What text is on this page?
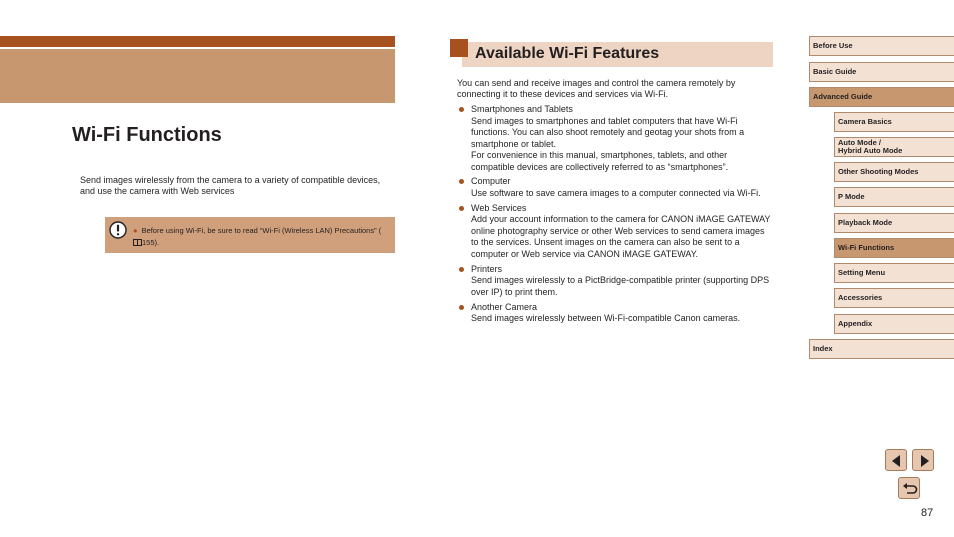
Wi-Fi Functions
Send images wirelessly from the camera to a variety of compatible devices, and use the camera with Web services
● Before using Wi-Fi, be sure to read “Wi-Fi (Wireless LAN) Precautions” (155).
Available Wi-Fi Features
You can send and receive images and control the camera remotely by connecting it to these devices and services via Wi-Fi.
Smartphones and Tablets
Send images to smartphones and tablet computers that have Wi-Fi functions. You can also shoot remotely and geotag your shots from a smartphone or tablet.
For convenience in this manual, smartphones, tablets, and other compatible devices are collectively referred to as “smartphones”.
Computer
Use software to save camera images to a computer connected via Wi-Fi.
Web Services
Add your account information to the camera for CANON iMAGE GATEWAY online photography service or other Web services to send camera images to the services. Unsent images on the camera can also be sent to a computer or Web service via CANON iMAGE GATEWAY.
Printers
Send images wirelessly to a PictBridge-compatible printer (supporting DPS over IP) to print them.
Another Camera
Send images wirelessly between Wi-Fi-compatible Canon cameras.
Before Use
Basic Guide
Advanced Guide
Camera Basics
Auto Mode /
Hybrid Auto Mode
Other Shooting Modes
P Mode
Playback Mode
Wi-Fi Functions
Setting Menu
Accessories
Appendix
Index
87
